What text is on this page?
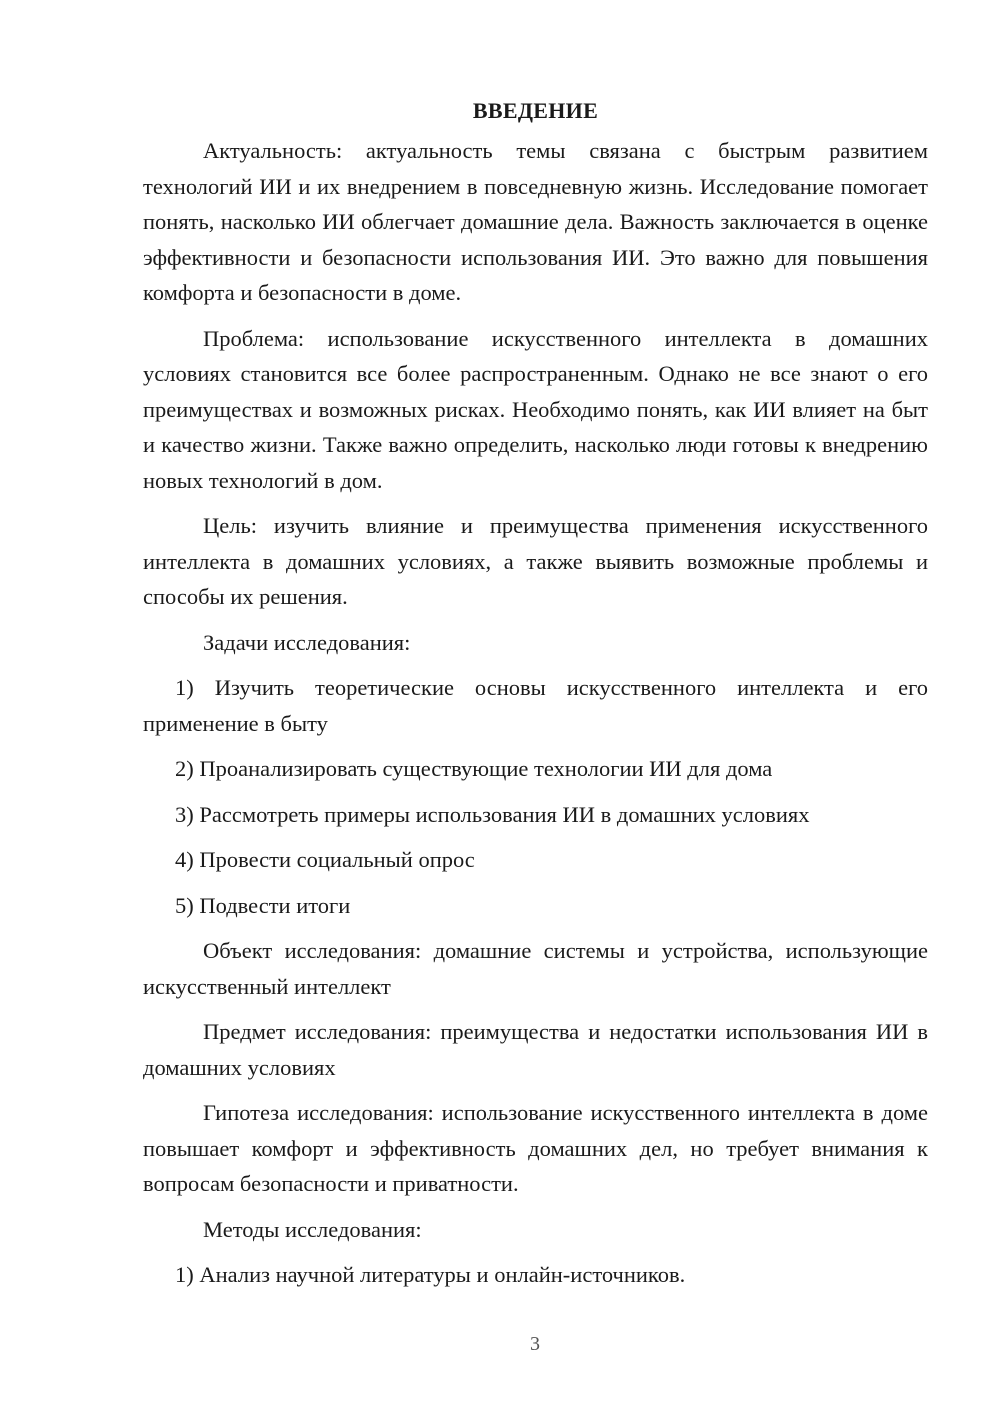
ВВЕДЕНИЕ

Актуальность: актуальность темы связана с быстрым развитием технологий ИИ и их внедрением в повседневную жизнь. Исследование помогает понять, насколько ИИ облегчает домашние дела. Важность заключается в оценке эффективности и безопасности использования ИИ. Это важно для повышения комфорта и безопасности в доме.

Проблема: использование искусственного интеллекта в домашних условиях становится все более распространенным. Однако не все знают о его преимуществах и возможных рисках. Необходимо понять, как ИИ влияет на быт и качество жизни. Также важно определить, насколько люди готовы к внедрению новых технологий в дом.

Цель: изучить влияние и преимущества применения искусственного интеллекта в домашних условиях, а также выявить возможные проблемы и способы их решения.

Задачи исследования:

1) Изучить теоретические основы искусственного интеллекта и его применение в быту

2) Проанализировать существующие технологии ИИ для дома

3) Рассмотреть примеры использования ИИ в домашних условиях

4) Провести социальный опрос

5) Подвести итоги

Объект исследования: домашние системы и устройства, использующие искусственный интеллект

Предмет исследования: преимущества и недостатки использования ИИ в домашних условиях

Гипотеза исследования: использование искусственного интеллекта в доме повышает комфорт и эффективность домашних дел, но требует внимания к вопросам безопасности и приватности.

Методы исследования:

1) Анализ научной литературы и онлайн-источников.

3
